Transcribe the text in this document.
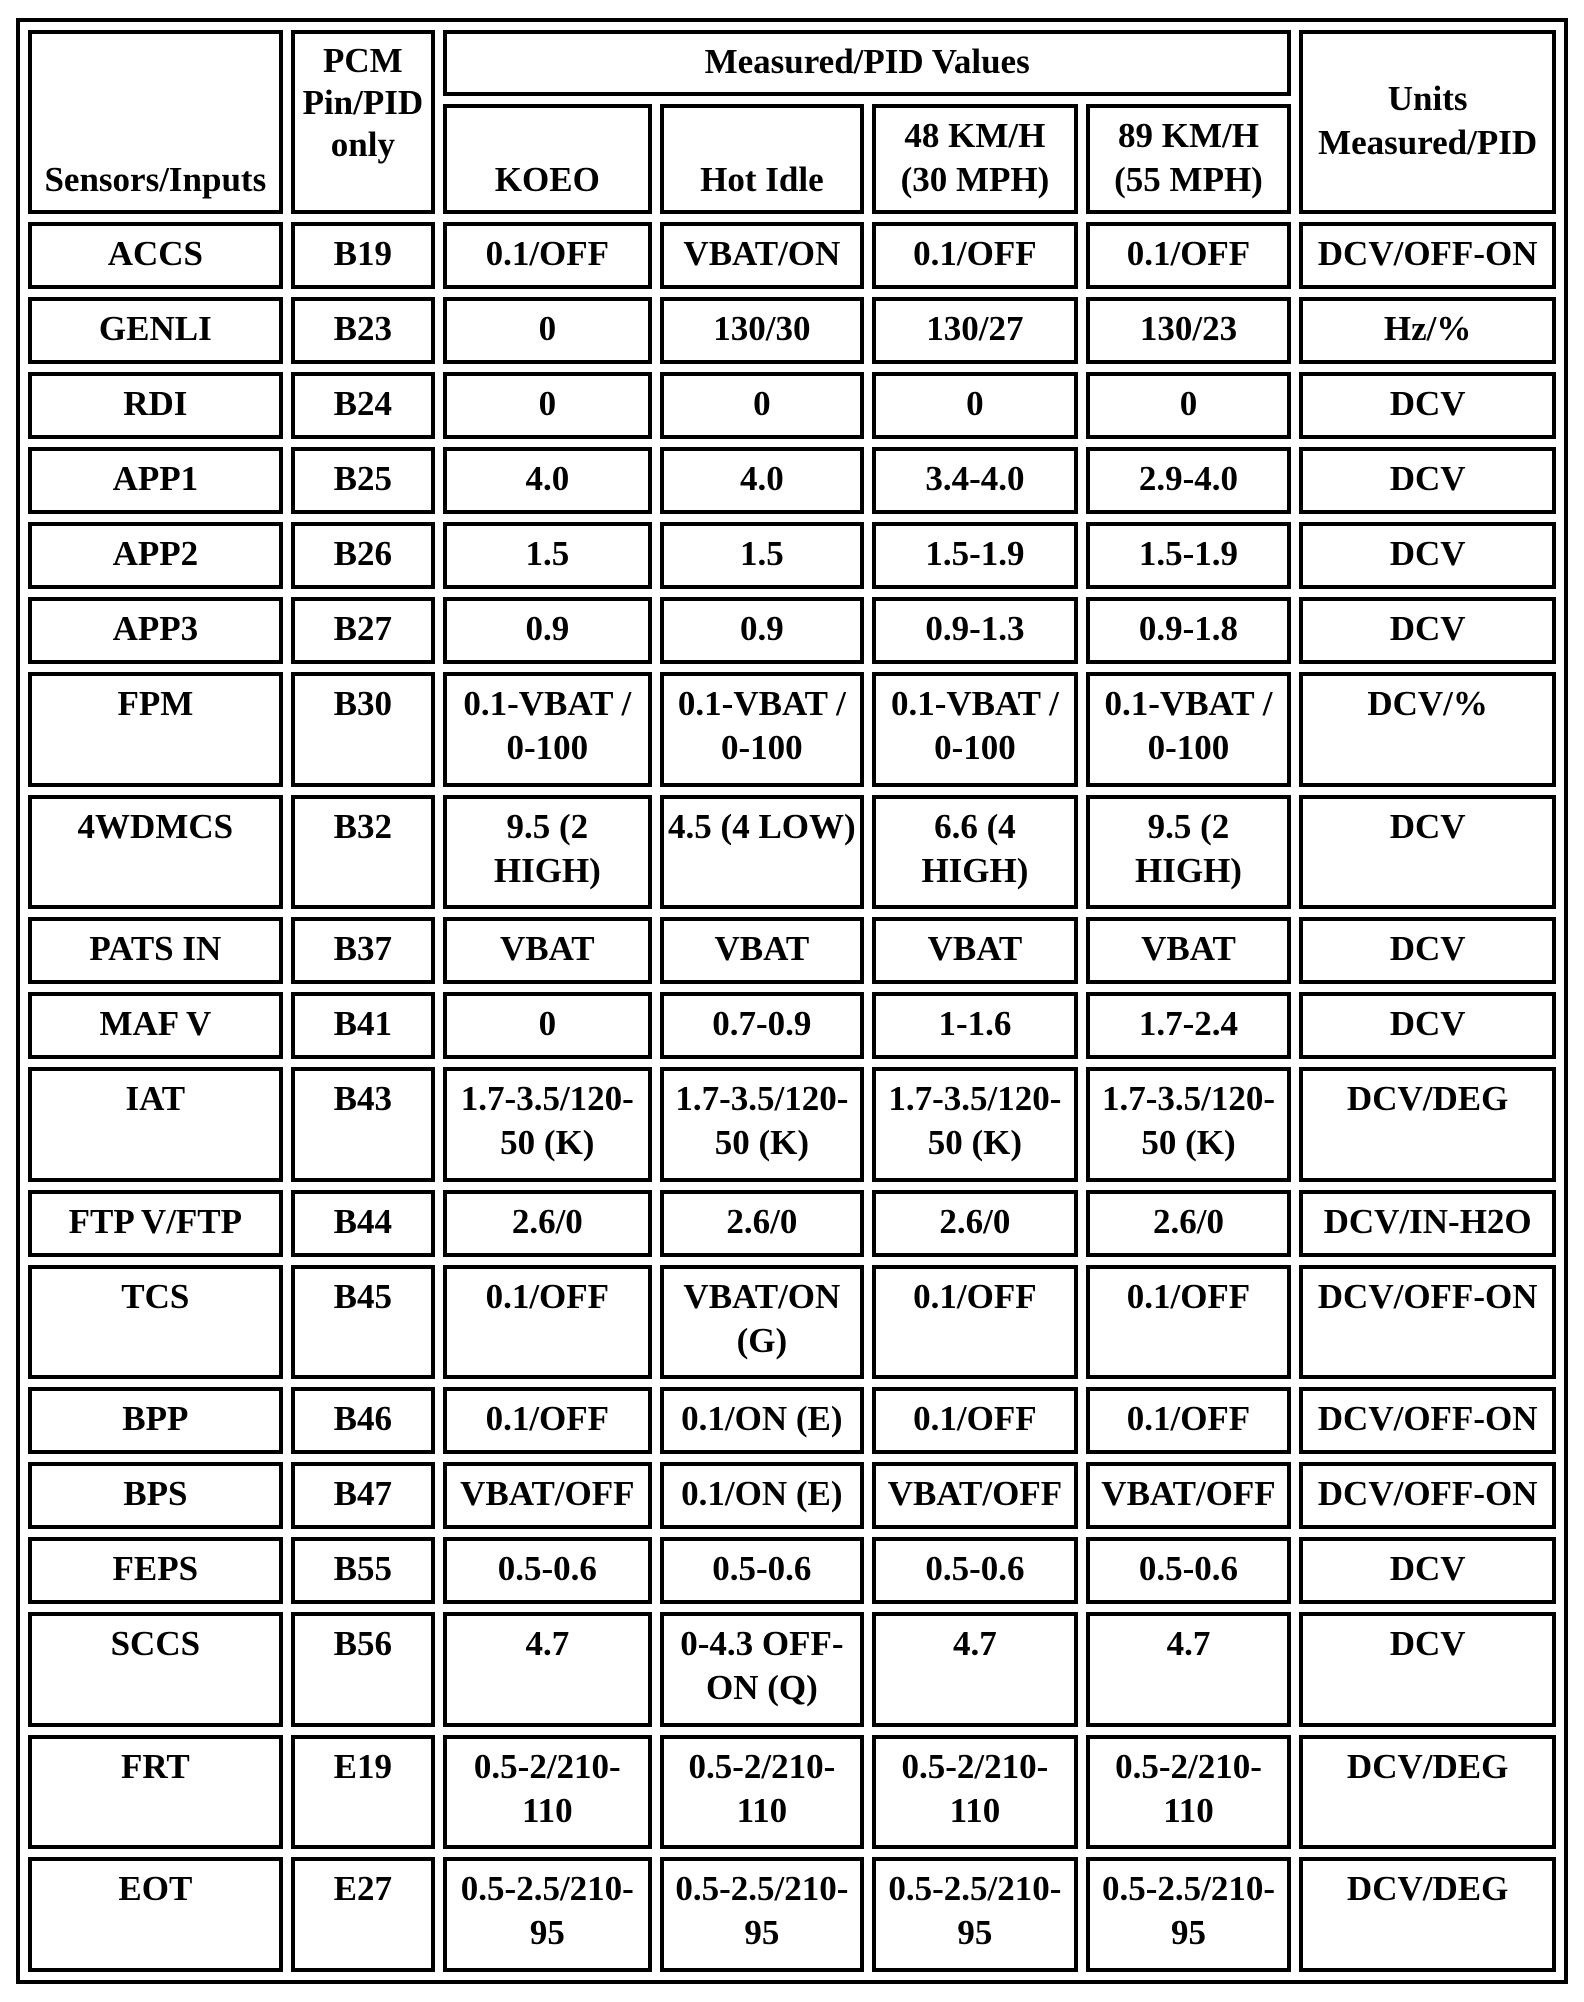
Sensors/Inputs	PCM Pin/PID only	Measured/PID Values				Units Measured/PID
		KOEO	Hot Idle	48 KM/H (30 MPH)	89 KM/H (55 MPH)	
ACCS	B19	0.1/OFF	VBAT/ON	0.1/OFF	0.1/OFF	DCV/OFF-ON
GENLI	B23	0	130/30	130/27	130/23	Hz/%
RDI	B24	0	0	0	0	DCV
APP1	B25	4.0	4.0	3.4-4.0	2.9-4.0	DCV
APP2	B26	1.5	1.5	1.5-1.9	1.5-1.9	DCV
APP3	B27	0.9	0.9	0.9-1.3	0.9-1.8	DCV
FPM	B30	0.1-VBAT / 0-100	0.1-VBAT / 0-100	0.1-VBAT / 0-100	0.1-VBAT / 0-100	DCV/%
4WDMCS	B32	9.5 (2 HIGH)	4.5 (4 LOW)	6.6 (4 HIGH)	9.5 (2 HIGH)	DCV
PATS IN	B37	VBAT	VBAT	VBAT	VBAT	DCV
MAF V	B41	0	0.7-0.9	1-1.6	1.7-2.4	DCV
IAT	B43	1.7-3.5/120-50 (K)	1.7-3.5/120-50 (K)	1.7-3.5/120-50 (K)	1.7-3.5/120-50 (K)	DCV/DEG
FTP V/FTP	B44	2.6/0	2.6/0	2.6/0	2.6/0	DCV/IN-H2O
TCS	B45	0.1/OFF	VBAT/ON (G)	0.1/OFF	0.1/OFF	DCV/OFF-ON
BPP	B46	0.1/OFF	0.1/ON (E)	0.1/OFF	0.1/OFF	DCV/OFF-ON
BPS	B47	VBAT/OFF	0.1/ON (E)	VBAT/OFF	VBAT/OFF	DCV/OFF-ON
FEPS	B55	0.5-0.6	0.5-0.6	0.5-0.6	0.5-0.6	DCV
SCCS	B56	4.7	0-4.3 OFF-ON (Q)	4.7	4.7	DCV
FRT	E19	0.5-2/210-110	0.5-2/210-110	0.5-2/210-110	0.5-2/210-110	DCV/DEG
EOT	E27	0.5-2.5/210-95	0.5-2.5/210-95	0.5-2.5/210-95	0.5-2.5/210-95	DCV/DEG
